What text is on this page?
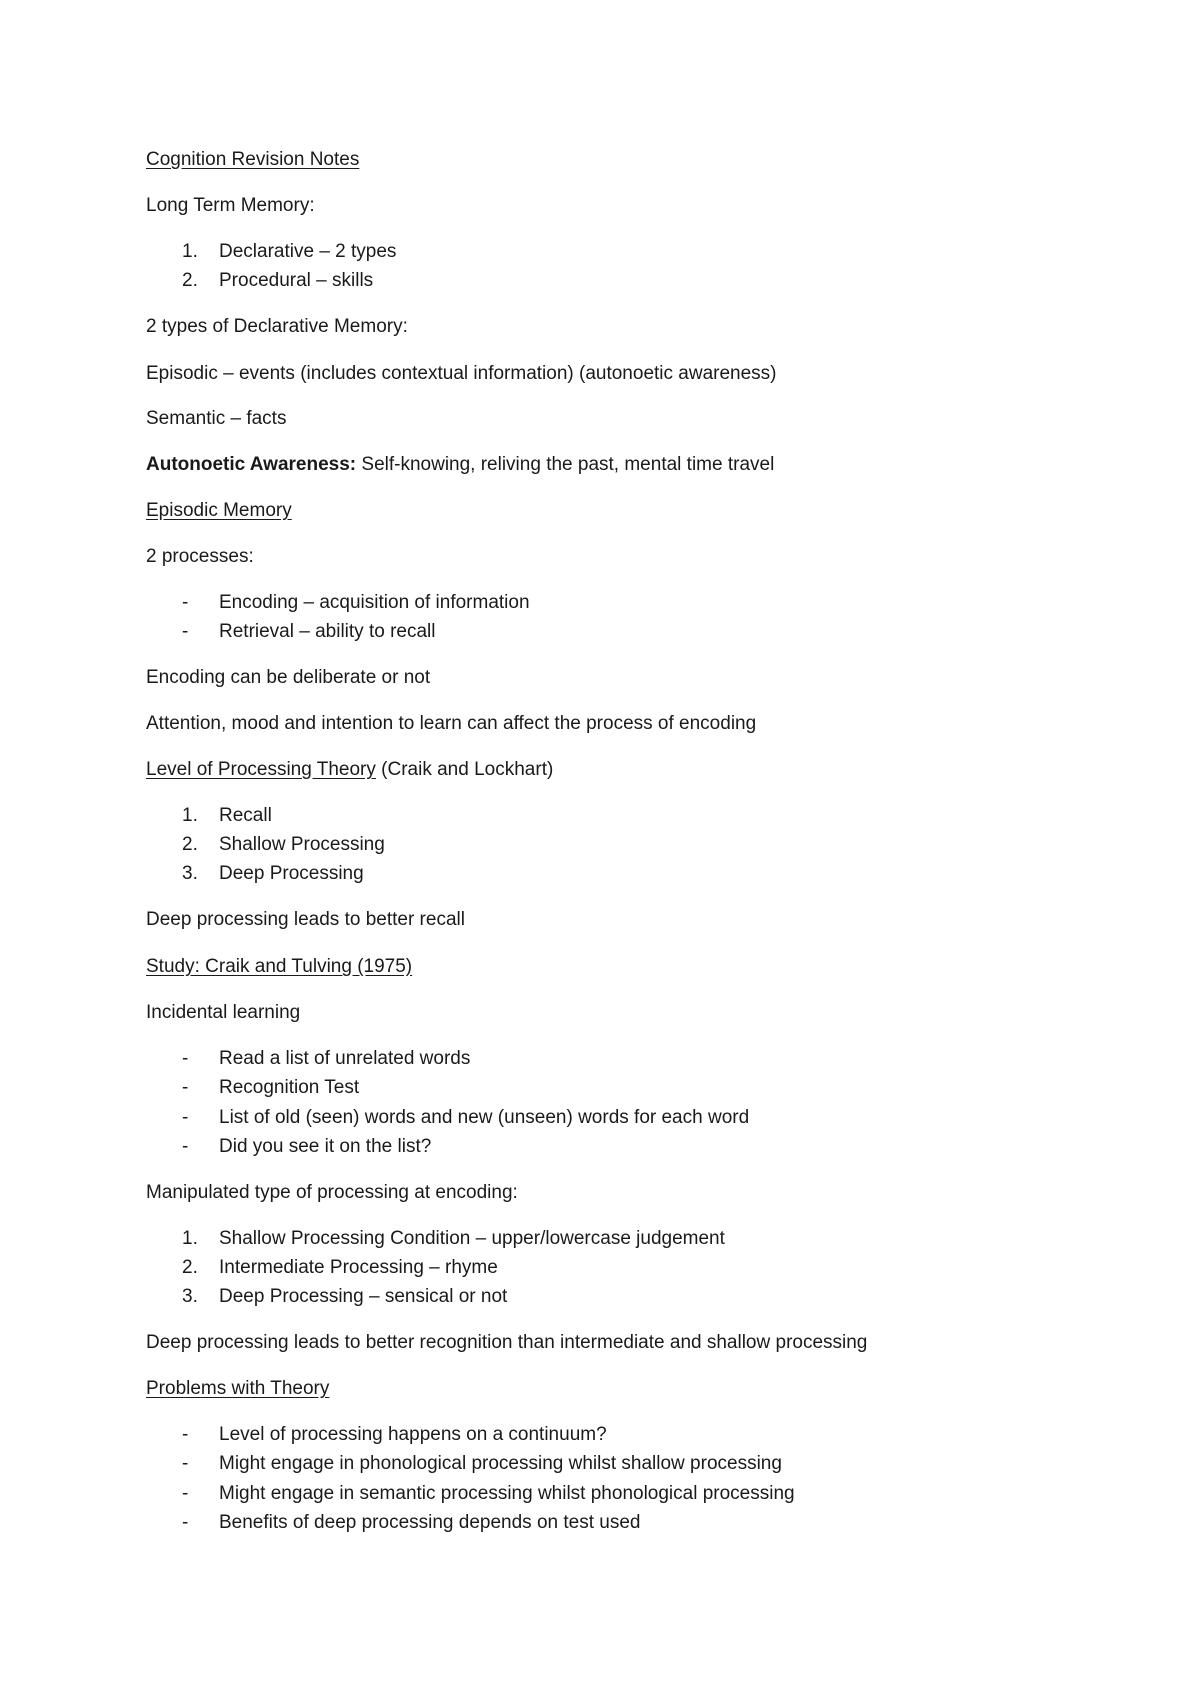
Cognition Revision Notes
Long Term Memory:
1. Declarative – 2 types
2. Procedural – skills
2 types of Declarative Memory:
Episodic – events (includes contextual information) (autonoetic awareness)
Semantic – facts
Autonoetic Awareness: Self-knowing, reliving the past, mental time travel
Episodic Memory
2 processes:
- Encoding – acquisition of information
- Retrieval – ability to recall
Encoding can be deliberate or not
Attention, mood and intention to learn can affect the process of encoding
Level of Processing Theory (Craik and Lockhart)
1. Recall
2. Shallow Processing
3. Deep Processing
Deep processing leads to better recall
Study: Craik and Tulving (1975)
Incidental learning
- Read a list of unrelated words
- Recognition Test
- List of old (seen) words and new (unseen) words for each word
- Did you see it on the list?
Manipulated type of processing at encoding:
1. Shallow Processing Condition – upper/lowercase judgement
2. Intermediate Processing – rhyme
3. Deep Processing – sensical or not
Deep processing leads to better recognition than intermediate and shallow processing
Problems with Theory
- Level of processing happens on a continuum?
- Might engage in phonological processing whilst shallow processing
- Might engage in semantic processing whilst phonological processing
- Benefits of deep processing depends on test used
